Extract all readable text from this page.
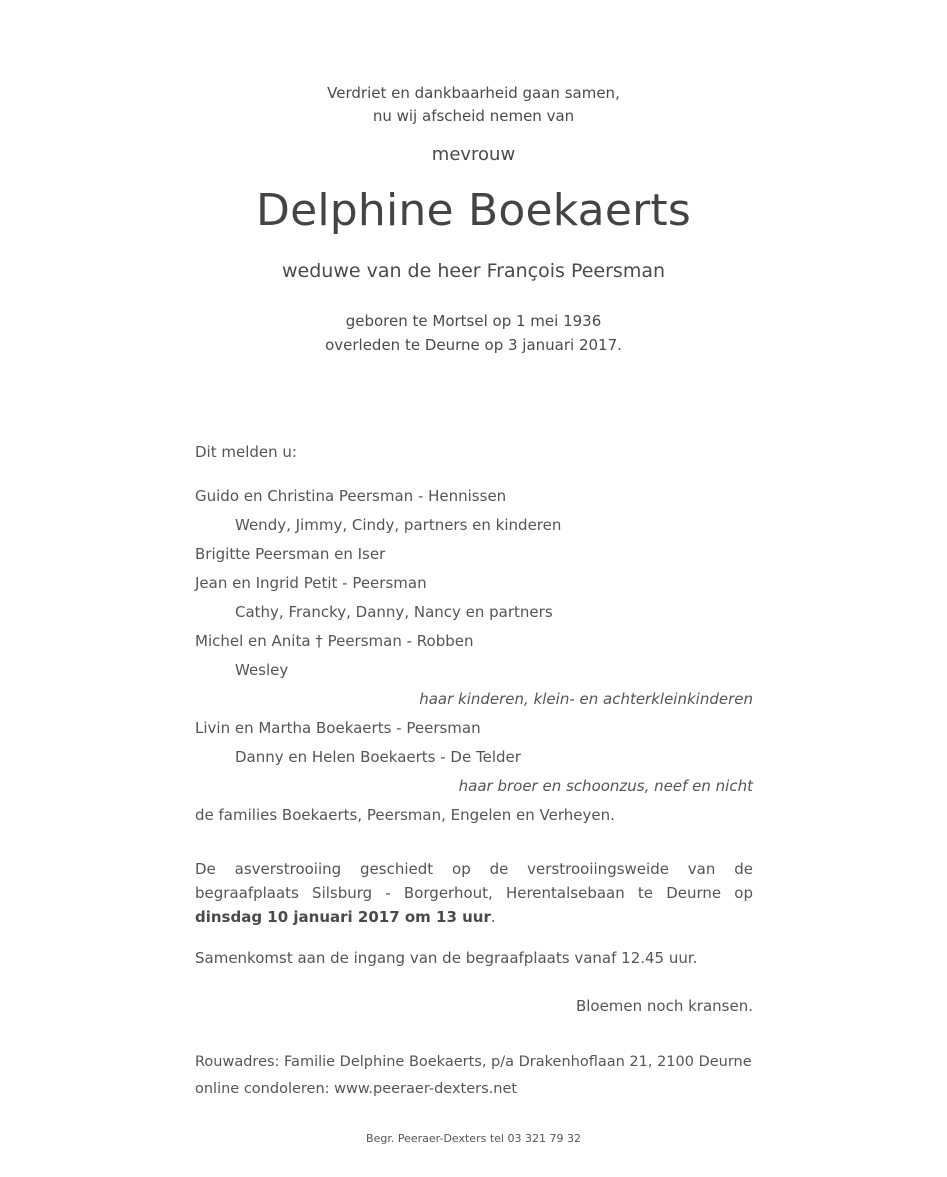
Verdriet en dankbaarheid gaan samen,
nu wij afscheid nemen van
mevrouw
Delphine Boekaerts
weduwe van de heer François Peersman
geboren te Mortsel op 1 mei 1936
overleden te Deurne op 3 januari 2017.
Dit melden u:
Guido en Christina Peersman - Hennissen
Wendy, Jimmy, Cindy, partners en kinderen
Brigitte Peersman en Iser
Jean en Ingrid Petit - Peersman
Cathy, Francky, Danny, Nancy en partners
Michel en Anita † Peersman - Robben
Wesley
haar kinderen, klein- en achterkleinkinderen
Livin en Martha Boekaerts - Peersman
Danny en Helen Boekaerts - De Telder
haar broer en schoonzus, neef en nicht
de families Boekaerts, Peersman, Engelen en Verheyen.
De asverstrooiing geschiedt op de verstrooiingsweide van de begraafplaats Silsburg - Borgerhout, Herentalsebaan te Deurne op dinsdag 10 januari 2017 om 13 uur.
Samenkomst aan de ingang van de begraafplaats vanaf 12.45 uur.
Bloemen noch kransen.
Rouwadres: Familie Delphine Boekaerts, p/a Drakenhoflaan 21, 2100 Deurne
online condoleren: www.peeraer-dexters.net
Begr. Peeraer-Dexters tel 03 321 79 32
